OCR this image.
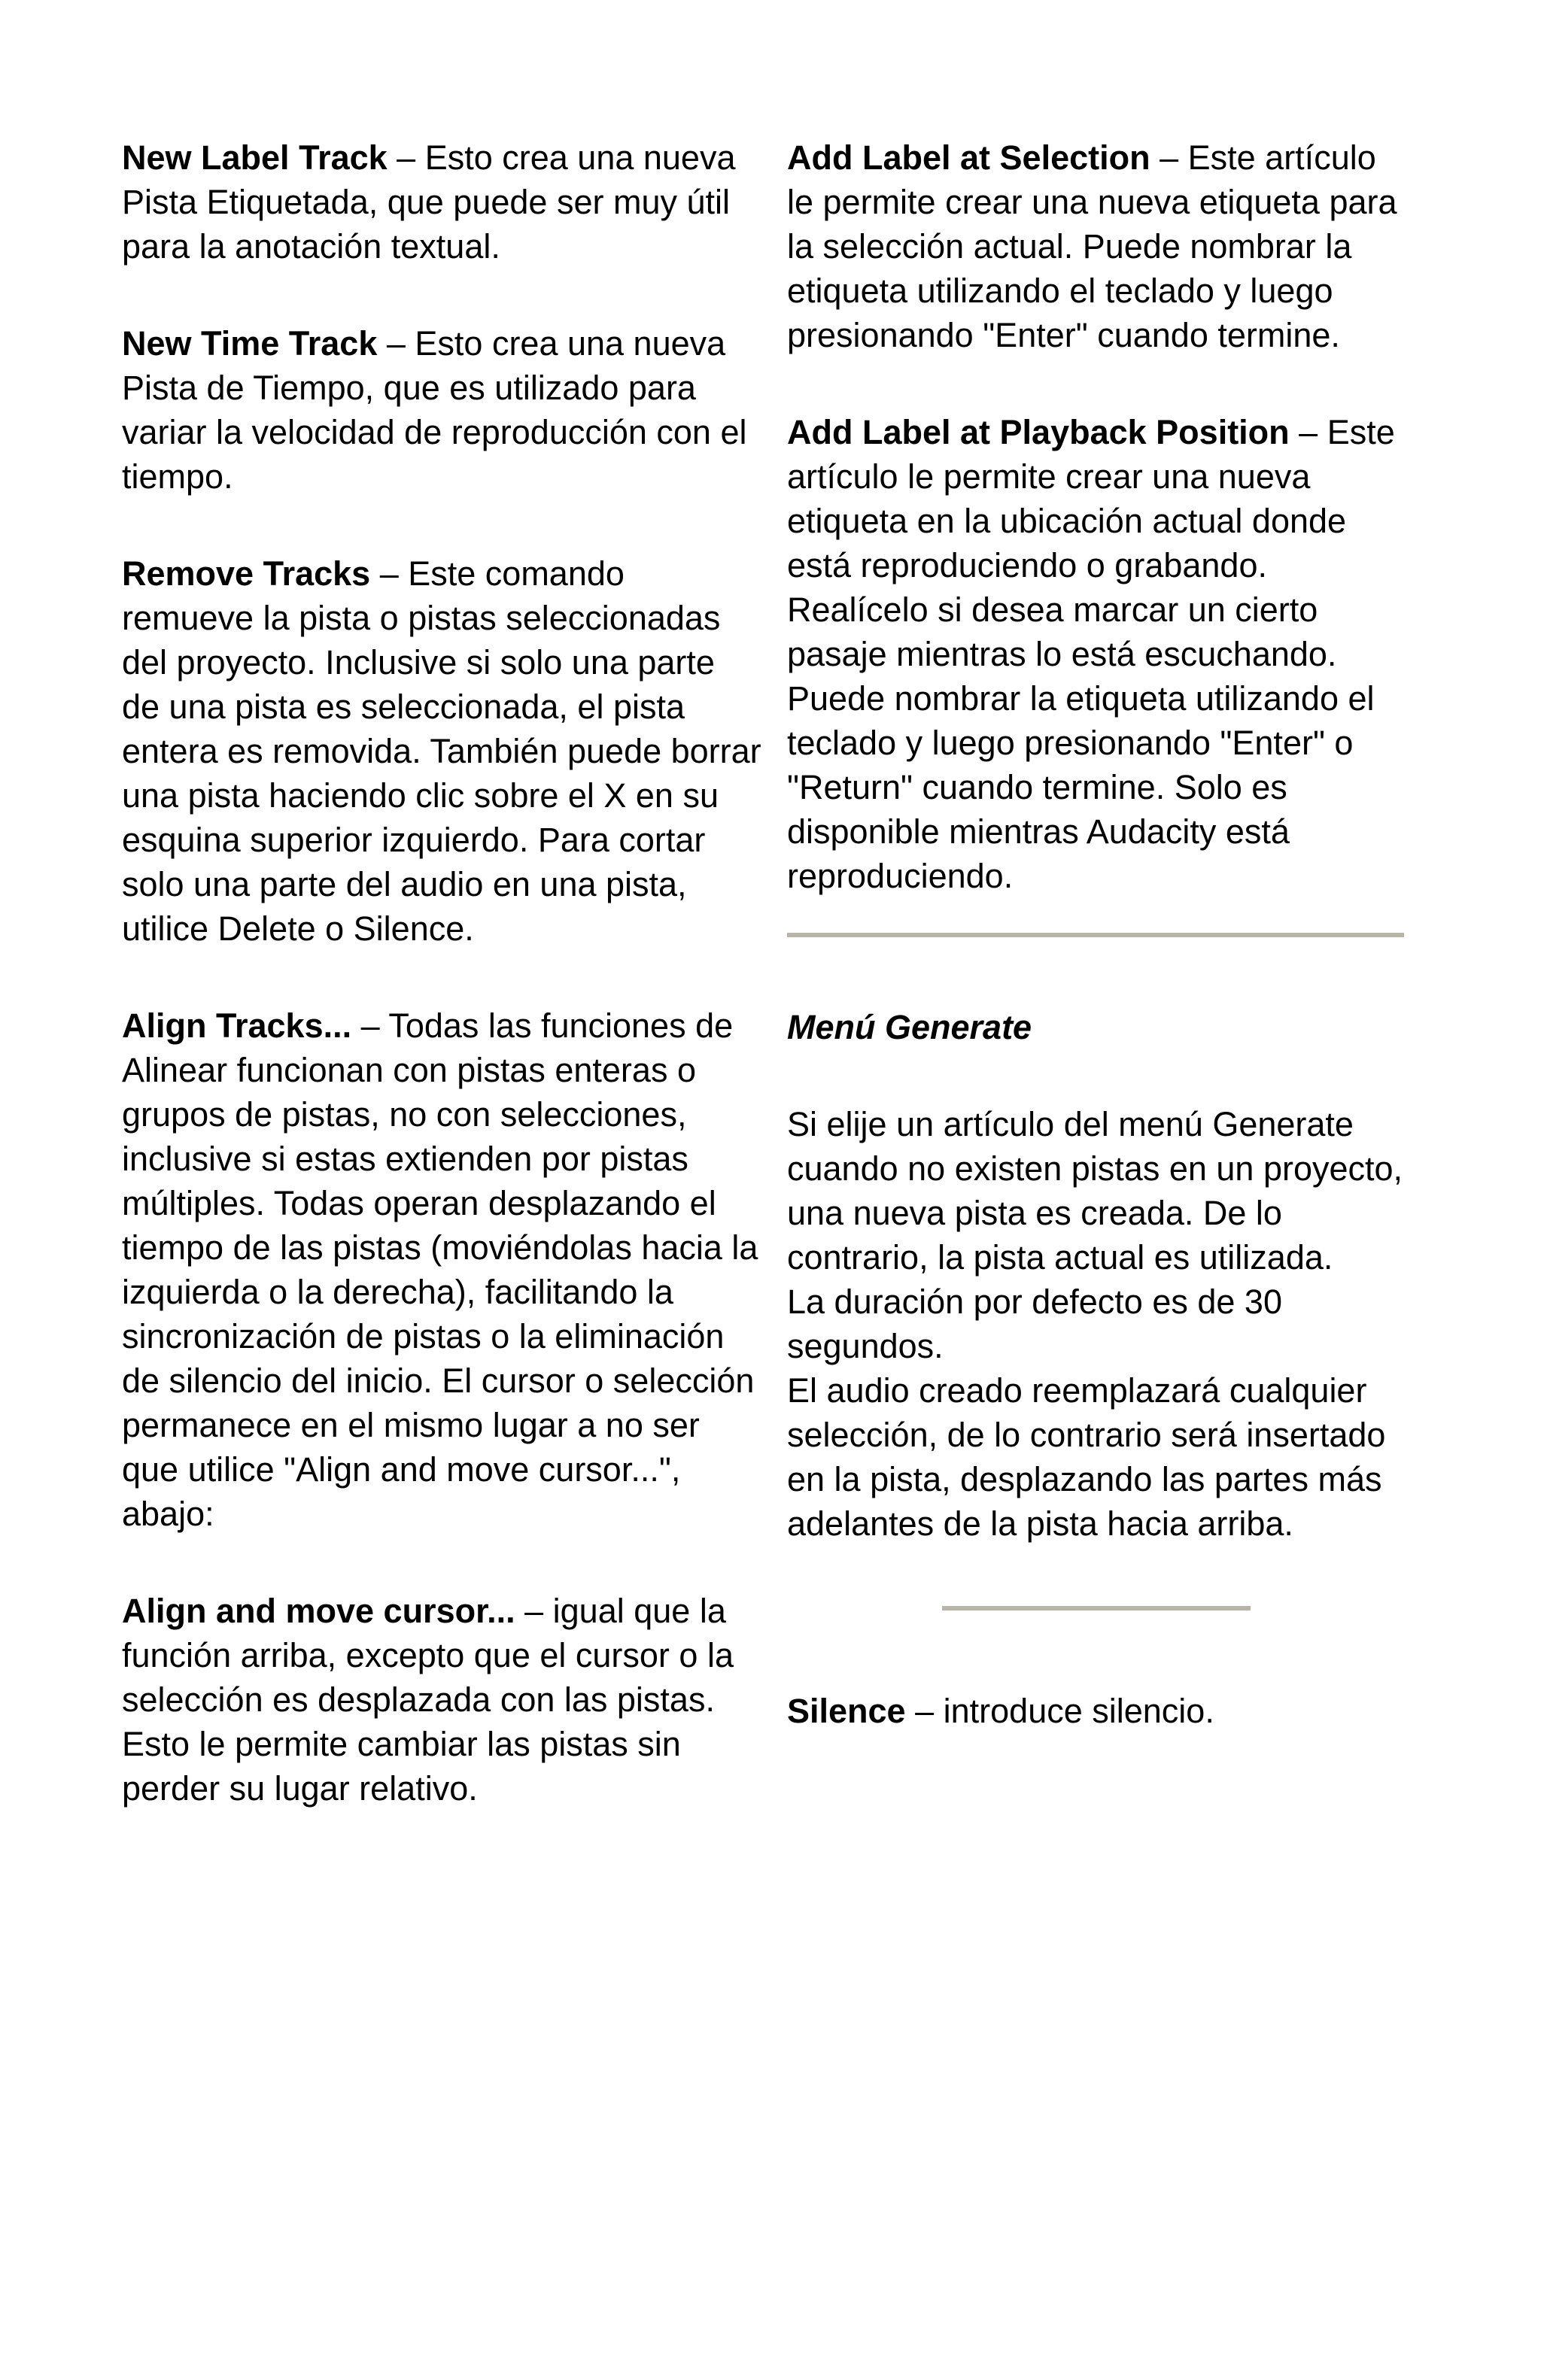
New Label Track – Esto crea una nueva Pista Etiquetada, que puede ser muy útil para la anotación textual.

New Time Track – Esto crea una nueva Pista de Tiempo, que es utilizado para variar la velocidad de reproducción con el tiempo.

Remove Tracks – Este comando remueve la pista o pistas seleccionadas del proyecto. Inclusive si solo una parte de una pista es seleccionada, el pista entera es removida. También puede borrar una pista haciendo clic sobre el X en su esquina superior izquierdo. Para cortar solo una parte del audio en una pista, utilice Delete o Silence.

Align Tracks... – Todas las funciones de Alinear funcionan con pistas enteras o grupos de pistas, no con selecciones, inclusive si estas extienden por pistas múltiples. Todas operan desplazando el tiempo de las pistas (moviéndolas hacia la izquierda o la derecha), facilitando la sincronización de pistas o la eliminación de silencio del inicio. El cursor o selección permanece en el mismo lugar a no ser que utilice "Align and move cursor...", abajo:

Align and move cursor... – igual que la función arriba, excepto que el cursor o la selección es desplazada con las pistas. Esto le permite cambiar las pistas sin perder su lugar relativo.

Add Label at Selection – Este artículo le permite crear una nueva etiqueta para la selección actual. Puede nombrar la etiqueta utilizando el teclado y luego presionando "Enter" cuando termine.

Add Label at Playback Position – Este artículo le permite crear una nueva etiqueta en la ubicación actual donde está reproduciendo o grabando. Realícelo si desea marcar un cierto pasaje mientras lo está escuchando. Puede nombrar la etiqueta utilizando el teclado y luego presionando "Enter" o "Return" cuando termine. Solo es disponible mientras Audacity está reproduciendo.

Menú Generate

Si elije un artículo del menú Generate cuando no existen pistas en un proyecto, una nueva pista es creada. De lo contrario, la pista actual es utilizada.

La duración por defecto es de 30 segundos.

El audio creado reemplazará cualquier selección, de lo contrario será insertado en la pista, desplazando las partes más adelantes de la pista hacia arriba.

Silence – introduce silencio.
